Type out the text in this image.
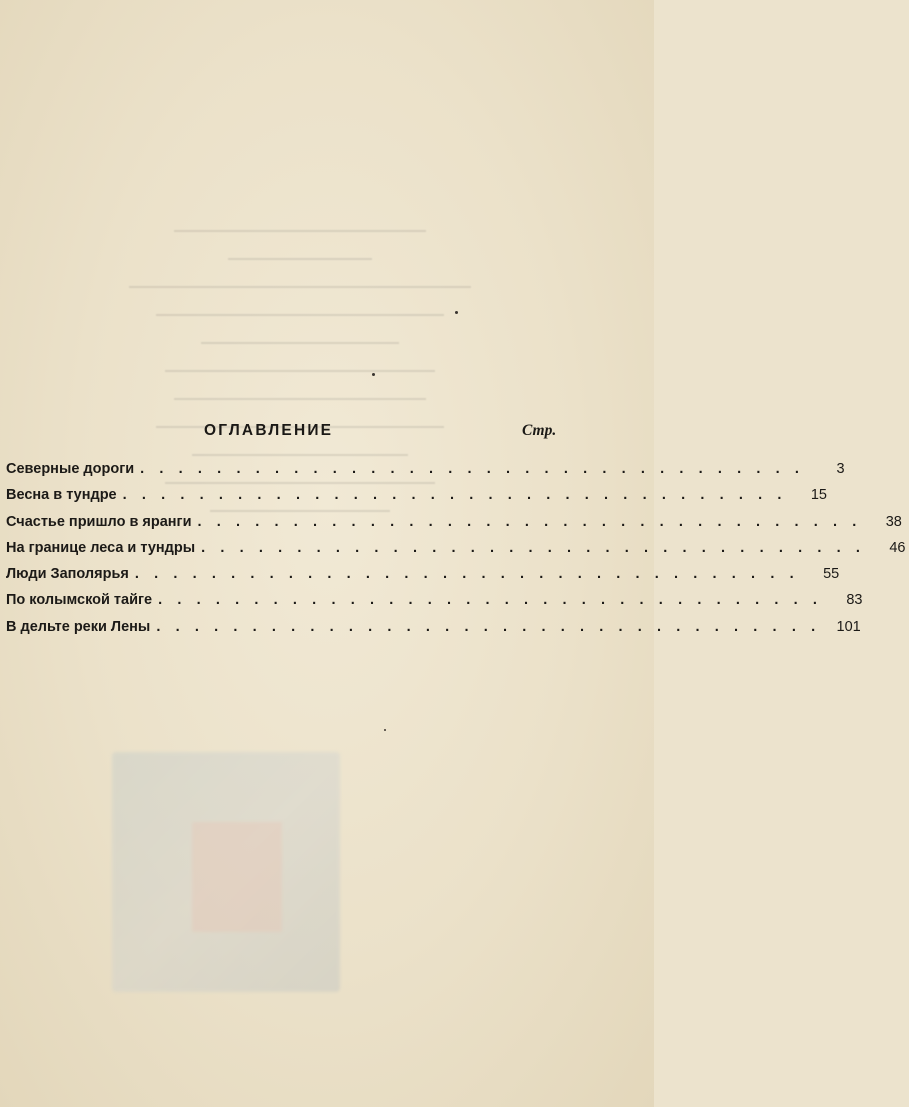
ОГЛАВЛЕНИЕ	Стр.
Северные дороги . . . . . . . . . . . . . . . . . . . . . . . . . . . . . . . . . . .	3
Весна в тундре . . . . . . . . . . . . . . . . . . . . . . . . . . . . . . . . . . .	15
Счастье пришло в яранги . . . . . . . . . . . . . . . . . . . . . . . . . . . . . . . . . . .	38
На границе леса и тундры . . . . . . . . . . . . . . . . . . . . . . . . . . . . . . . . . . .	46
Люди Заполярья . . . . . . . . . . . . . . . . . . . . . . . . . . . . . . . . . . .	55
По колымской тайге . . . . . . . . . . . . . . . . . . . . . . . . . . . . . . . . . . .	83
В дельте реки Лены . . . . . . . . . . . . . . . . . . . . . . . . . . . . . . . . . . .	101
